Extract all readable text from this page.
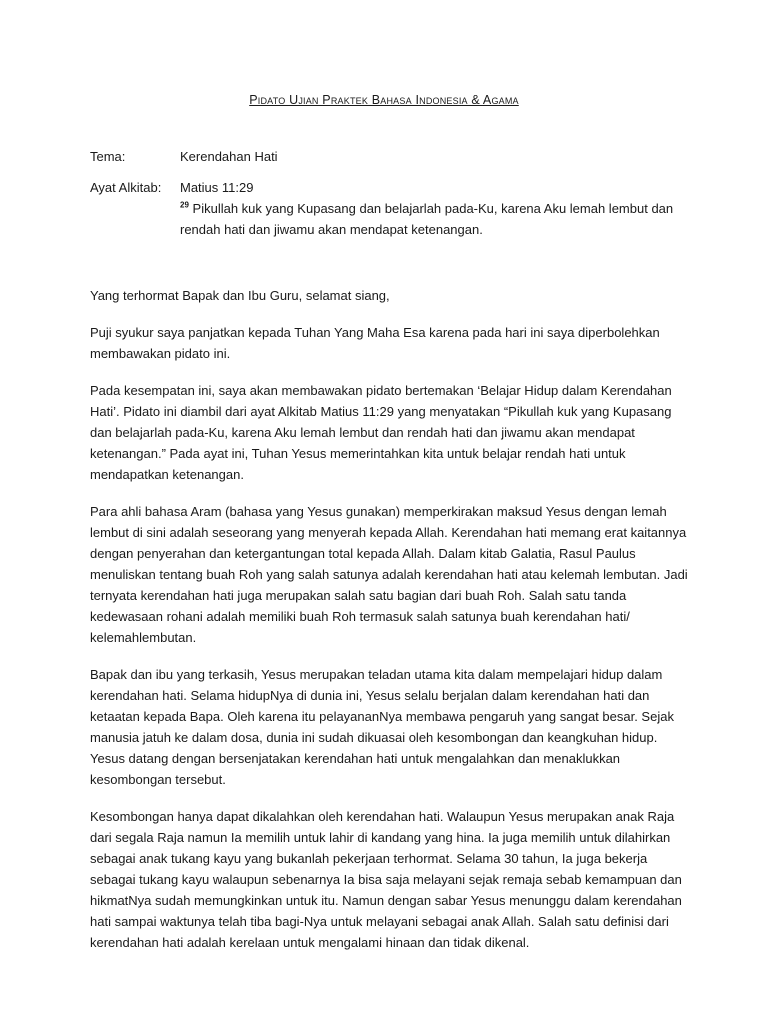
Pidato Ujian Praktek Bahasa Indonesia & Agama
Tema:	Kerendahan Hati
Ayat Alkitab:	Matius 11:29
$^{29}$ Pikullah kuk yang Kupasang dan belajarlah pada-Ku, karena Aku lemah lembut dan rendah hati dan jiwamu akan mendapat ketenangan.

Yang terhormat Bapak dan Ibu Guru, selamat siang,

Puji syukur saya panjatkan kepada Tuhan Yang Maha Esa karena pada hari ini saya diperbolehkan membawakan pidato ini.

Pada kesempatan ini, saya akan membawakan pidato bertemakan ‘Belajar Hidup dalam Kerendahan Hati’. Pidato ini diambil dari ayat Alkitab Matius 11:29 yang menyatakan “Pikullah kuk yang Kupasang dan belajarlah pada-Ku, karena Aku lemah lembut dan rendah hati dan jiwamu akan mendapat ketenangan.” Pada ayat ini, Tuhan Yesus memerintahkan kita untuk belajar rendah hati untuk mendapatkan ketenangan.

Para ahli bahasa Aram (bahasa yang Yesus gunakan) memperkirakan maksud Yesus dengan lemah lembut di sini adalah seseorang yang menyerah kepada Allah. Kerendahan hati memang erat kaitannya dengan penyerahan dan ketergantungan total kepada Allah. Dalam kitab Galatia, Rasul Paulus menuliskan tentang buah Roh yang salah satunya adalah kerendahan hati atau kelemah lembutan. Jadi ternyata kerendahan hati juga merupakan salah satu bagian dari buah Roh. Salah satu tanda kedewasaan rohani adalah memiliki buah Roh termasuk salah satunya buah kerendahan hati/ kelemahlembutan.

Bapak dan ibu yang terkasih, Yesus merupakan teladan utama kita dalam mempelajari hidup dalam kerendahan hati. Selama hidupNya di dunia ini, Yesus selalu berjalan dalam kerendahan hati dan ketaatan kepada Bapa. Oleh karena itu pelayananNya membawa pengaruh yang sangat besar. Sejak manusia jatuh ke dalam dosa, dunia ini sudah dikuasai oleh kesombongan dan keangkuhan hidup. Yesus datang dengan bersenjatakan kerendahan hati untuk mengalahkan dan menaklukkan kesombongan tersebut.

Kesombongan hanya dapat dikalahkan oleh kerendahan hati. Walaupun Yesus merupakan anak Raja dari segala Raja namun Ia memilih untuk lahir di kandang yang hina. Ia juga memilih untuk dilahirkan sebagai anak tukang kayu yang bukanlah pekerjaan terhormat. Selama 30 tahun, Ia juga bekerja sebagai tukang kayu walaupun sebenarnya Ia bisa saja melayani sejak remaja sebab kemampuan dan hikmatNya sudah memungkinkan untuk itu. Namun dengan sabar Yesus menunggu dalam kerendahan hati sampai waktunya telah tiba bagi-Nya untuk melayani sebagai anak Allah. Salah satu definisi dari kerendahan hati adalah kerelaan untuk mengalami hinaan dan tidak dikenal.
